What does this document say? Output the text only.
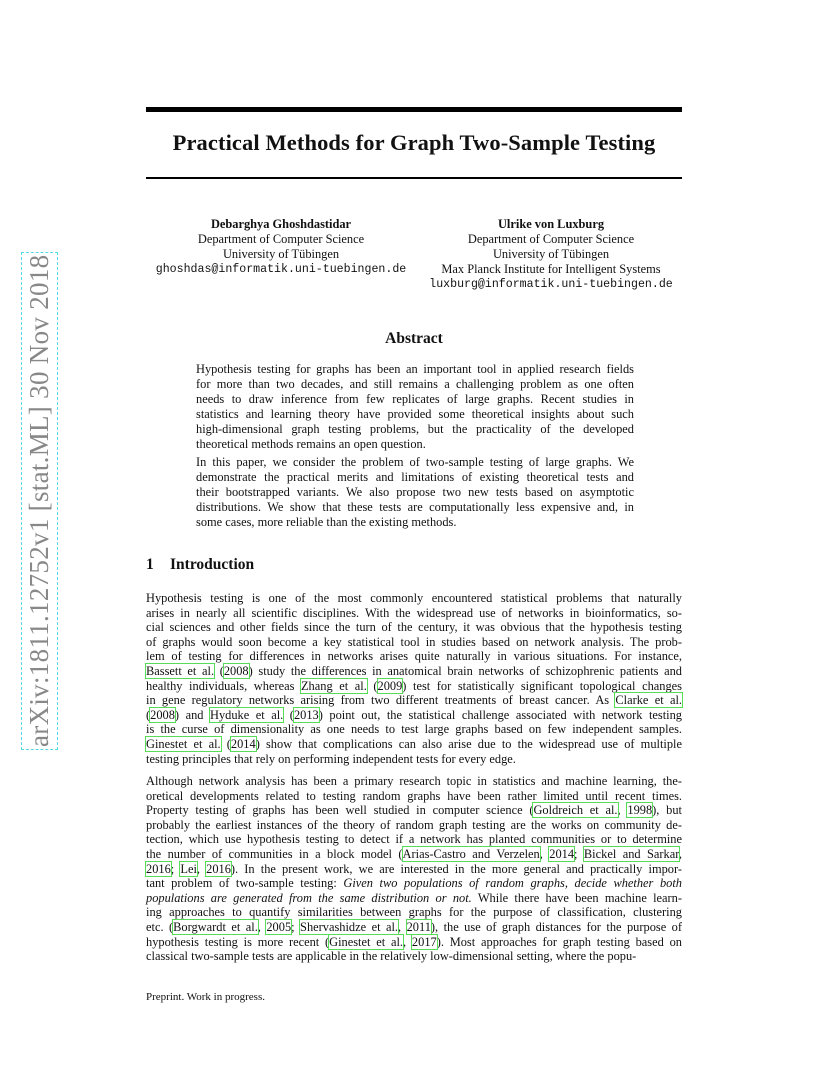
arXiv:1811.12752v1 [stat.ML] 30 Nov 2018
Practical Methods for Graph Two-Sample Testing
Debarghya Ghoshdastidar
Department of Computer Science
University of Tübingen
ghoshdas@informatik.uni-tuebingen.de
Ulrike von Luxburg
Department of Computer Science
University of Tübingen
Max Planck Institute for Intelligent Systems
luxburg@informatik.uni-tuebingen.de
Abstract

Hypothesis testing for graphs has been an important tool in applied research fields
for more than two decades, and still remains a challenging problem as one often
needs to draw inference from few replicates of large graphs. Recent studies in
statistics and learning theory have provided some theoretical insights about such
high-dimensional graph testing problems, but the practicality of the developed
theoretical methods remains an open question.

In this paper, we consider the problem of two-sample testing of large graphs. We
demonstrate the practical merits and limitations of existing theoretical tests and
their bootstrapped variants. We also propose two new tests based on asymptotic
distributions. We show that these tests are computationally less expensive and, in
some cases, more reliable than the existing methods.

1 Introduction
Hypothesis testing is one of the most commonly encountered statistical problems that naturally
arises in nearly all scientific disciplines. With the widespread use of networks in bioinformatics, so-
cial sciences and other fields since the turn of the century, it was obvious that the hypothesis testing
of graphs would soon become a key statistical tool in studies based on network analysis. The prob-
lem of testing for differences in networks arises quite naturally in various situations. For instance,
Bassett et al. (2008) study the differences in anatomical brain networks of schizophrenic patients and
healthy individuals, whereas Zhang et al. (2009) test for statistically significant topological changes
in gene regulatory networks arising from two different treatments of breast cancer. As Clarke et al.
(2008) and Hyduke et al. (2013) point out, the statistical challenge associated with network testing
is the curse of dimensionality as one needs to test large graphs based on few independent samples.
Ginestet et al. (2014) show that complications can also arise due to the widespread use of multiple
testing principles that rely on performing independent tests for every edge.
Although network analysis has been a primary research topic in statistics and machine learning, the-
oretical developments related to testing random graphs have been rather limited until recent times.
Property testing of graphs has been well studied in computer science (Goldreich et al., 1998), but
probably the earliest instances of the theory of random graph testing are the works on community de-
tection, which use hypothesis testing to detect if a network has planted communities or to determine
the number of communities in a block model (Arias-Castro and Verzelen, 2014; Bickel and Sarkar,
2016; Lei, 2016). In the present work, we are interested in the more general and practically impor-
tant problem of two-sample testing: Given two populations of random graphs, decide whether both
populations are generated from the same distribution or not. While there have been machine learn-
ing approaches to quantify similarities between graphs for the purpose of classification, clustering
etc. (Borgwardt et al., 2005; Shervashidze et al., 2011), the use of graph distances for the purpose of
hypothesis testing is more recent (Ginestet et al., 2017). Most approaches for graph testing based on
classical two-sample tests are applicable in the relatively low-dimensional setting, where the popu-
Preprint. Work in progress.
